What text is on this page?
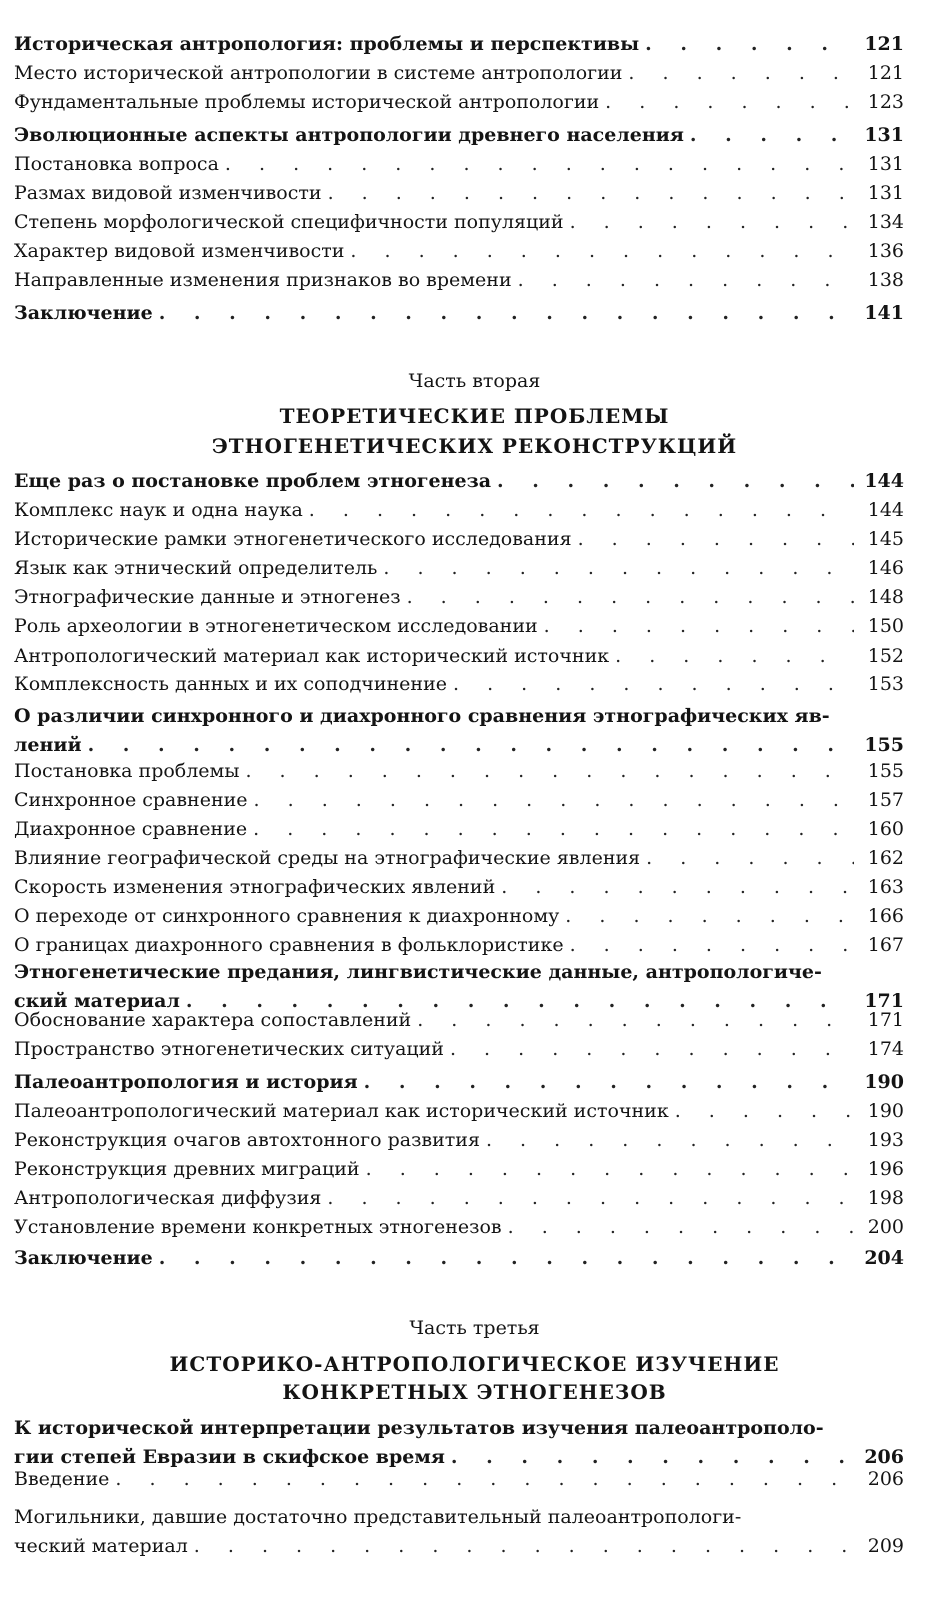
Историческая антропология: проблемы и перспективы . . .	121
Место исторической антропологии в системе антропологии . . .	121
Фундаментальные проблемы исторической антропологии . . .	123
Эволюционные аспекты антропологии древнего населения . . .	131
Постановка вопроса . . .	131
Размах видовой изменчивости . . .	131
Степень морфологической специфичности популяций . . .	134
Характер видовой изменчивости . . .	136
Направленные изменения признаков во времени . . .	138
Заключение . . .	141
Часть вторая
ТЕОРЕТИЧЕСКИЕ ПРОБЛЕМЫ
ЭТНОГЕНЕТИЧЕСКИХ РЕКОНСТРУКЦИЙ
Еще раз о постановке проблем этногенеза . . .	144
Комплекс наук и одна наука . . .	144
Исторические рамки этногенетического исследования . . .	145
Язык как этнический определитель . . .	146
Этнографические данные и этногенез . . .	148
Роль археологии в этногенетическом исследовании . . .	150
Антропологический материал как исторический источник . . .	152
Комплексность данных и их соподчинение . . .	153
О различии синхронного и диахронного сравнения этнографических яв-
лений . . .	155
Постановка проблемы . . .	155
Синхронное сравнение . . .	157
Диахронное сравнение . . .	160
Влияние географической среды на этнографические явления . . .	162
Скорость изменения этнографических явлений . . .	163
О переходе от синхронного сравнения к диахронному . . .	166
О границах диахронного сравнения в фольклористике . . .	167
Этногенетические предания, лингвистические данные, антропологиче-
ский материал . . .	171
Обоснование характера сопоставлений . . .	171
Пространство этногенетических ситуаций . . .	174
Палеоантропология и история . . .	190
Палеоантропологический материал как исторический источник . . .	190
Реконструкция очагов автохтонного развития . . .	193
Реконструкция древних миграций . . .	196
Антропологическая диффузия . . .	198
Установление времени конкретных этногенезов . . .	200
Заключение . . .	204
Часть третья
ИСТОРИКО-АНТРОПОЛОГИЧЕСКОЕ ИЗУЧЕНИЕ
КОНКРЕТНЫХ ЭТНОГЕНЕЗОВ
К исторической интерпретации результатов изучения палеоантрополо-
гии степей Евразии в скифское время . . .	206
Введение . . .	206
Могильники, давшие достаточно представительный палеоантропологи-
ческий материал . . .	209
